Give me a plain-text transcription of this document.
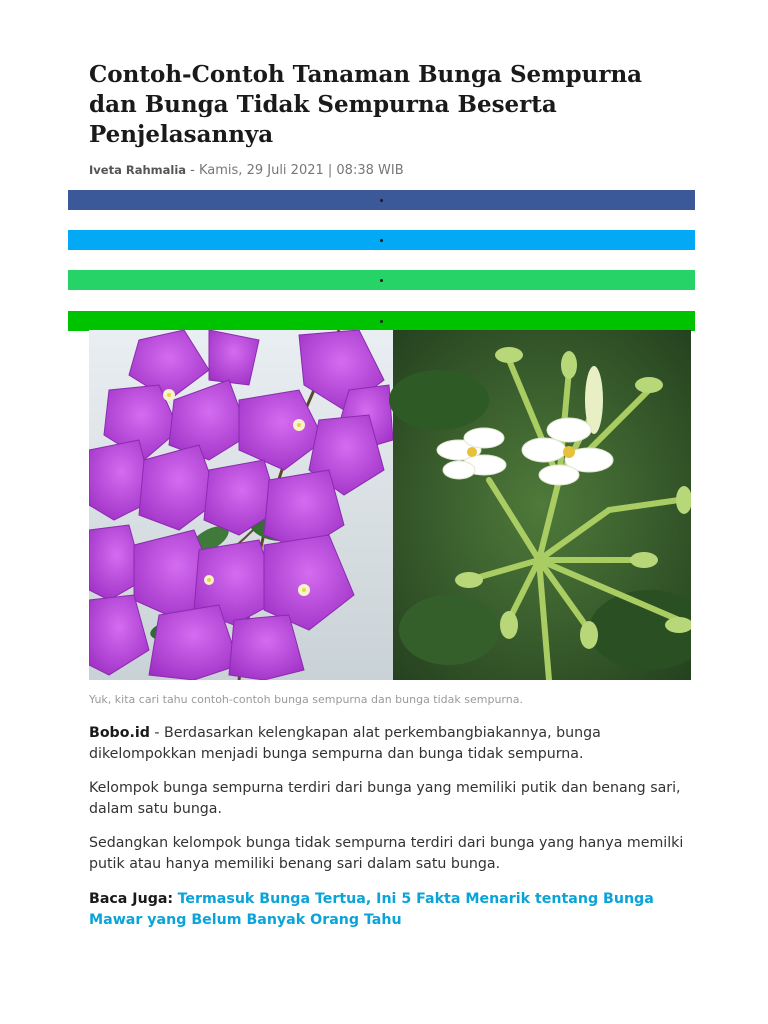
Contoh-Contoh Tanaman Bunga Sempurna dan Bunga Tidak Sempurna Beserta Penjelasannya
Iveta Rahmalia - Kamis, 29 Juli 2021 | 08:38 WIB
Yuk, kita cari tahu contoh-contoh bunga sempurna dan bunga tidak sempurna.

Bobo.id - Berdasarkan kelengkapan alat perkembangbiakannya, bunga dikelompokkan menjadi bunga sempurna dan bunga tidak sempurna.

Kelompok bunga sempurna terdiri dari bunga yang memiliki putik dan benang sari, dalam satu bunga.

Sedangkan kelompok bunga tidak sempurna terdiri dari bunga yang hanya memilki putik atau hanya memiliki benang sari dalam satu bunga.

Baca Juga: Termasuk Bunga Tertua, Ini 5 Fakta Menarik tentang Bunga Mawar yang Belum Banyak Orang Tahu
